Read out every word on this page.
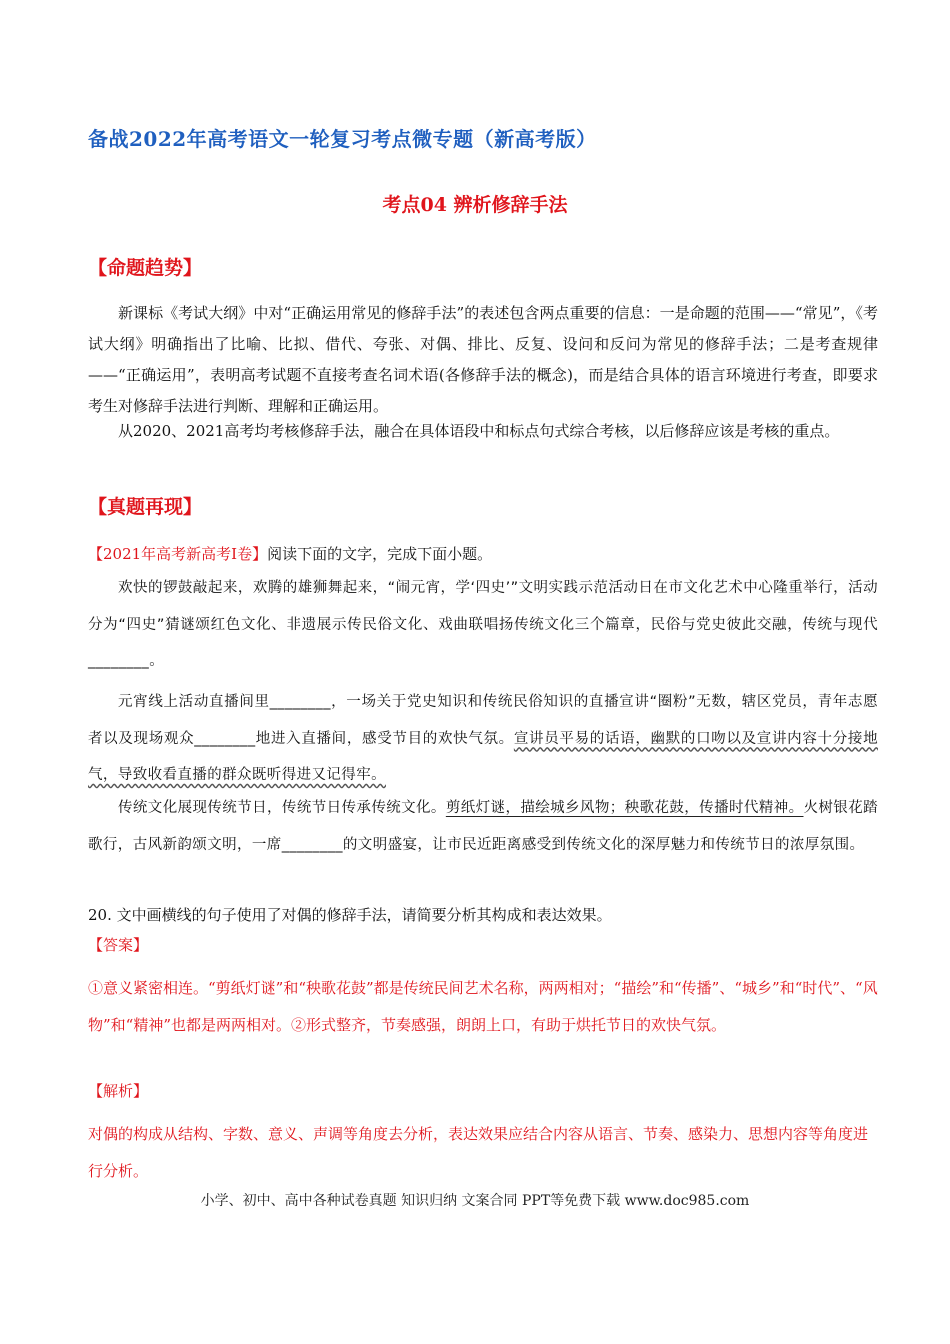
备战2022年高考语文一轮复习考点微专题（新高考版）
考点04 辨析修辞手法
【命题趋势】

新课标《考试大纲》中对“正确运用常见的修辞手法”的表述包含两点重要的信息：一是命题的范围——“常见”，《考试大纲》明确指出了比喻、比拟、借代、夸张、对偶、排比、反复、设问和反问为常见的修辞手法；二是考查规律——“正确运用”，表明高考试题不直接考查名词术语(各修辞手法的概念)，而是结合具体的语言环境进行考查，即要求考生对修辞手法进行判断、理解和正确运用。

从2020、2021高考均考核修辞手法，融合在具体语段中和标点句式综合考核，以后修辞应该是考核的重点。

【真题再现】

【2021年高考新高考Ⅰ卷】阅读下面的文字，完成下面小题。

欢快的锣鼓敲起来，欢腾的雄狮舞起来，“闹元宵，学‘四史’”文明实践示范活动日在市文化艺术中心隆重举行，活动分为“四史”猜谜颂红色文化、非遗展示传民俗文化、戏曲联唱扬传统文化三个篇章，民俗与党史彼此交融，传统与现代________。

元宵线上活动直播间里________，一场关于党史知识和传统民俗知识的直播宣讲“圈粉”无数，辖区党员，青年志愿者以及现场观众________地进入直播间，感受节目的欢快气氛。宣讲员平易的话语，幽默的口吻以及宣讲内容十分接地气，导致收看直播的群众既听得进又记得牢。

传统文化展现传统节日，传统节日传承传统文化。剪纸灯谜，描绘城乡风物；秧歌花鼓，传播时代精神。火树银花踏歌行，古风新韵颂文明，一席________的文明盛宴，让市民近距离感受到传统文化的深厚魅力和传统节日的浓厚氛围。

20. 文中画横线的句子使用了对偶的修辞手法，请简要分析其构成和表达效果。

【答案】

①意义紧密相连。“剪纸灯谜”和“秧歌花鼓”都是传统民间艺术名称，两两相对；“描绘”和“传播”、“城乡”和“时代”、“风物”和“精神”也都是两两相对。②形式整齐，节奏感强，朗朗上口，有助于烘托节日的欢快气氛。

【解析】

对偶的构成从结构、字数、意义、声调等角度去分析，表达效果应结合内容从语言、节奏、感染力、思想内容等角度进行分析。

小学、初中、高中各种试卷真题 知识归纳 文案合同 PPT等免费下载 www.doc985.com
